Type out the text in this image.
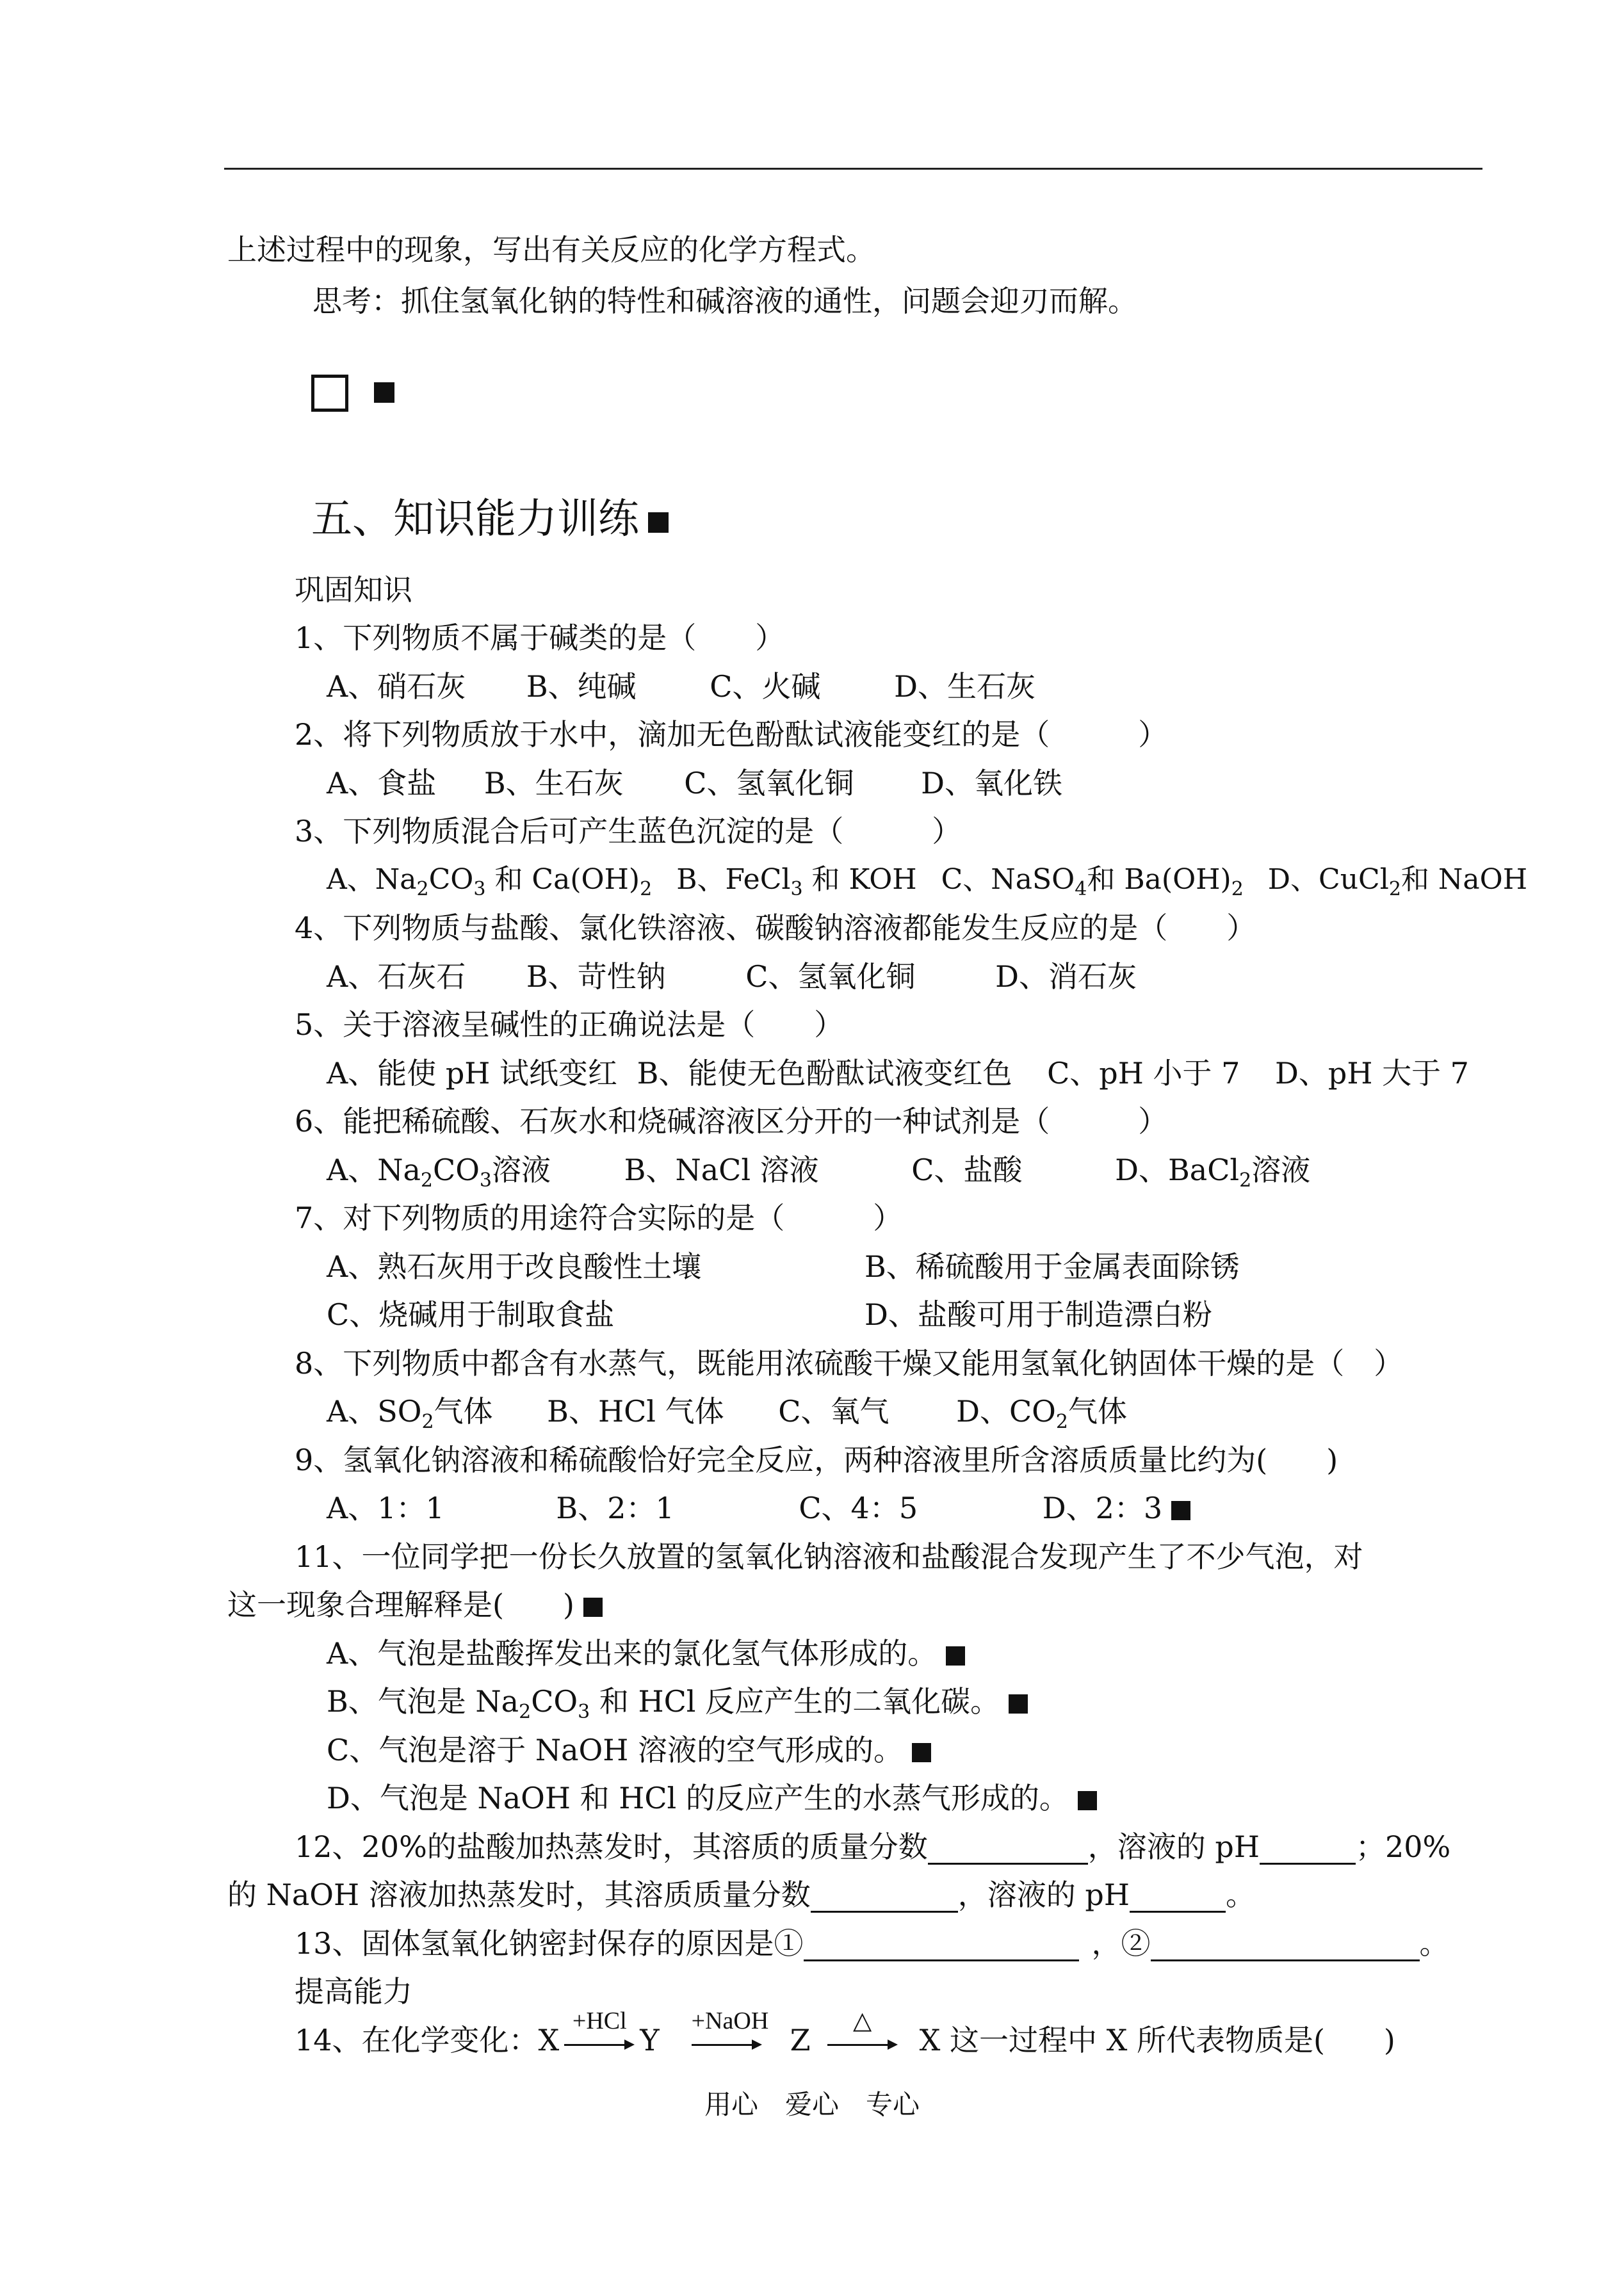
上述过程中的现象，写出有关反应的化学方程式。
思考：抓住氢氧化钠的特性和碱溶液的通性，问题会迎刃而解。
五、知识能力训练
巩固知识
1、下列物质不属于碱类的是（　　）
A、硝石灰 B、纯碱 C、火碱 D、生石灰
2、将下列物质放于水中，滴加无色酚酞试液能变红的是（　　　）
A、食盐 B、生石灰 C、氢氧化铜 D、氧化铁
3、下列物质混合后可产生蓝色沉淀的是（　　　）
A、$Na_2CO_3$ 和 $Ca(OH)_2$ B、FeCl$_3$ 和 KOH C、NaSO$_4$和 $Ba(OH)_2$ D、CuCl$_2$和 NaOH
4、下列物质与盐酸、氯化铁溶液、碳酸钠溶液都能发生反应的是（　　）
A、石灰石 B、苛性钠	C、氢氧化铜	D、消石灰
5、关于溶液呈碱性的正确说法是（　　）
A、能使 pH 试纸变红 B、能使无色酚酞试液变红色 C、pH 小于 7 D、pH 大于 7
6、能把稀硫酸、石灰水和烧碱溶液区分开的一种试剂是（　　　）
A、$Na_2CO_3$溶液 B、NaCl 溶液	C、盐酸	D、BaCl$_2$溶液
7、对下列物质的用途符合实际的是（　　　）
A、熟石灰用于改良酸性土壤	B、稀硫酸用于金属表面除锈
C、烧碱用于制取食盐	D、盐酸可用于制造漂白粉
8、下列物质中都含有水蒸气，既能用浓硫酸干燥又能用氢氧化钠固体干燥的是（　）
A、$SO_2$气体 B、HCl 气体 C、氧气 D、$CO_2$气体
9、氢氧化钠溶液和稀硫酸恰好完全反应，两种溶液里所含溶质质量比约为(　　)
A、1：1	B、2：1	C、4：5	D、2：3
11、一位同学把一份长久放置的氢氧化钠溶液和盐酸混合发现产生了不少气泡，对
这一现象合理解释是(　　)
A、气泡是盐酸挥发出来的氯化氢气体形成的。
B、气泡是 $Na_2CO_3$ 和 HCl 反应产生的二氧化碳。
C、气泡是溶于 NaOH 溶液的空气形成的。
D、气泡是 NaOH 和 HCl 的反应产生的水蒸气形成的。
12、20%的盐酸加热蒸发时，其溶质的质量分数	，溶液的 pH	；20%
的 NaOH 溶液加热蒸发时，其溶质质量分数	，溶液的 pH	。
13、固体氢氧化钠密封保存的原因是①	，②	。
提高能力
14、在化学变化：X
+HCl
Y
+NaOH
Z
△
X 这一过程中 X 所代表物质是(　　)
用心　爱心　专心
